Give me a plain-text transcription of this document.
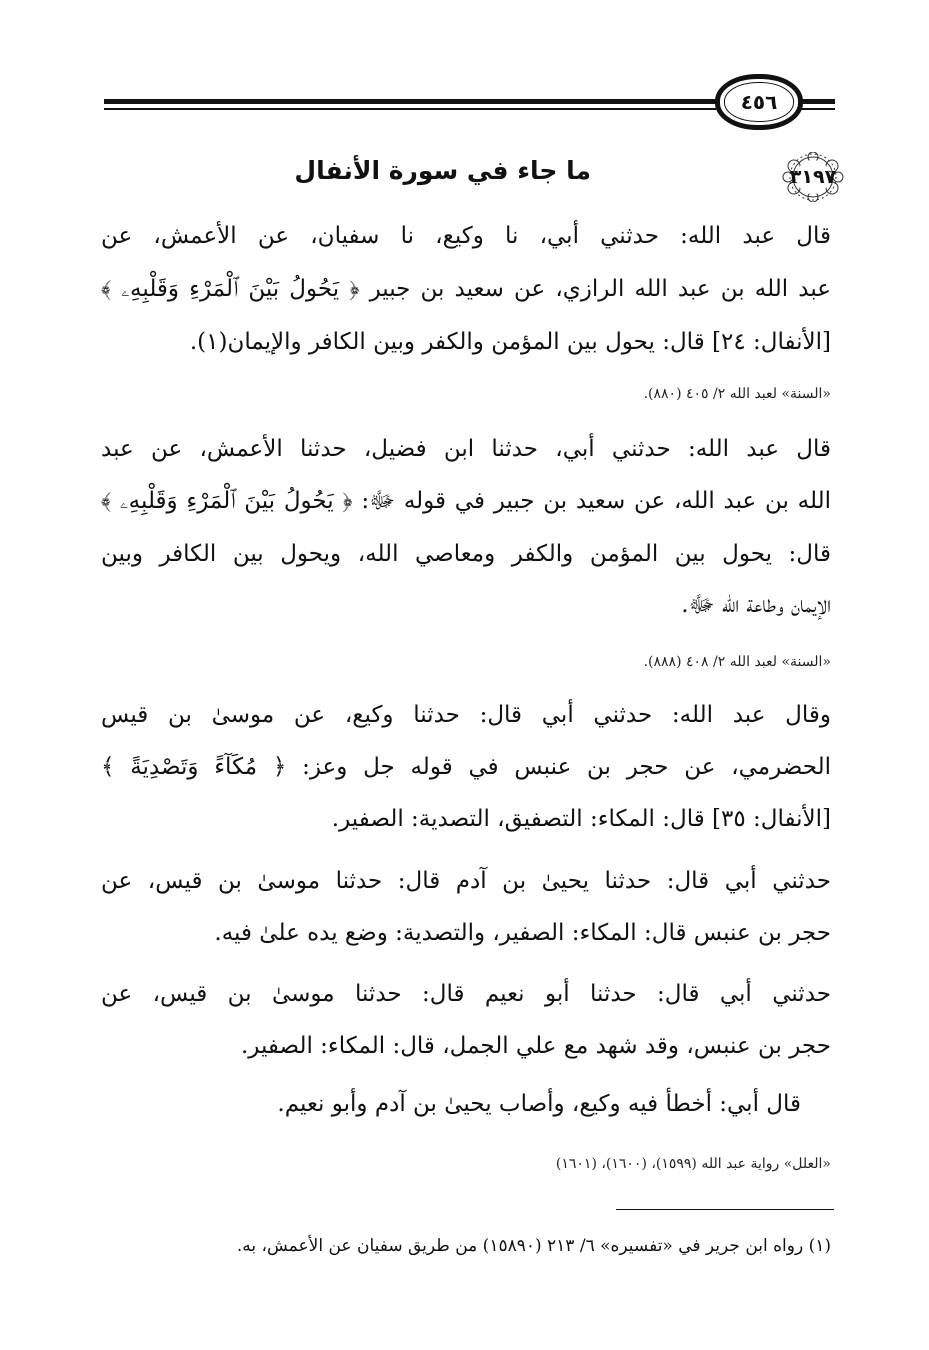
٤٥٦
٣١٩٧
ما جاء في سورة الأنفال
قال عبد الله: حدثني أبي، نا وكيع، نا سفيان، عن الأعمش، عن
عبد الله بن عبد الله الرازي، عن سعيد بن جبير ﴿ يَحُولُ بَيْنَ ٱلْمَرْءِ وَقَلْبِهِۦ ﴾
[الأنفال: ٢٤] قال: يحول بين المؤمن والكفر وبين الكافر والإيمان(١).
«السنة» لعبد الله ٢/ ٤٠٥ (٨٨٠).
قال عبد الله: حدثني أبي، حدثنا ابن فضيل، حدثنا الأعمش، عن عبد
الله بن عبد الله، عن سعيد بن جبير في قوله ﷻ: ﴿ يَحُولُ بَيْنَ ٱلْمَرْءِ وَقَلْبِهِۦ ﴾
قال: يحول بين المؤمن والكفر ومعاصي الله، ويحول بين الكافر وبين
الإيمان وطاعة الله ﷻ.
«السنة» لعبد الله ٢/ ٤٠٨ (٨٨٨).
وقال عبد الله: حدثني أبي قال: حدثنا وكيع، عن موسىٰ بن قيس
الحضرمي، عن حجر بن عنبس في قوله جل وعز: ﴿ مُكَآءً وَتَصْدِيَةً ﴾
[الأنفال: ٣٥] قال: المكاء: التصفيق، التصدية: الصفير.
حدثني أبي قال: حدثنا يحيىٰ بن آدم قال: حدثنا موسىٰ بن قيس، عن
حجر بن عنبس قال: المكاء: الصفير، والتصدية: وضع يده علىٰ فيه.
حدثني أبي قال: حدثنا أبو نعيم قال: حدثنا موسىٰ بن قيس، عن
حجر بن عنبس، وقد شهد مع علي الجمل، قال: المكاء: الصفير.
قال أبي: أخطأ فيه وكيع، وأصاب يحيىٰ بن آدم وأبو نعيم.
«العلل» رواية عبد الله (١٥٩٩)، (١٦٠٠)، (١٦٠١)
(١) رواه ابن جرير في «تفسيره» ٦/ ٢١٣ (١٥٨٩٠) من طريق سفيان عن الأعمش، به.
